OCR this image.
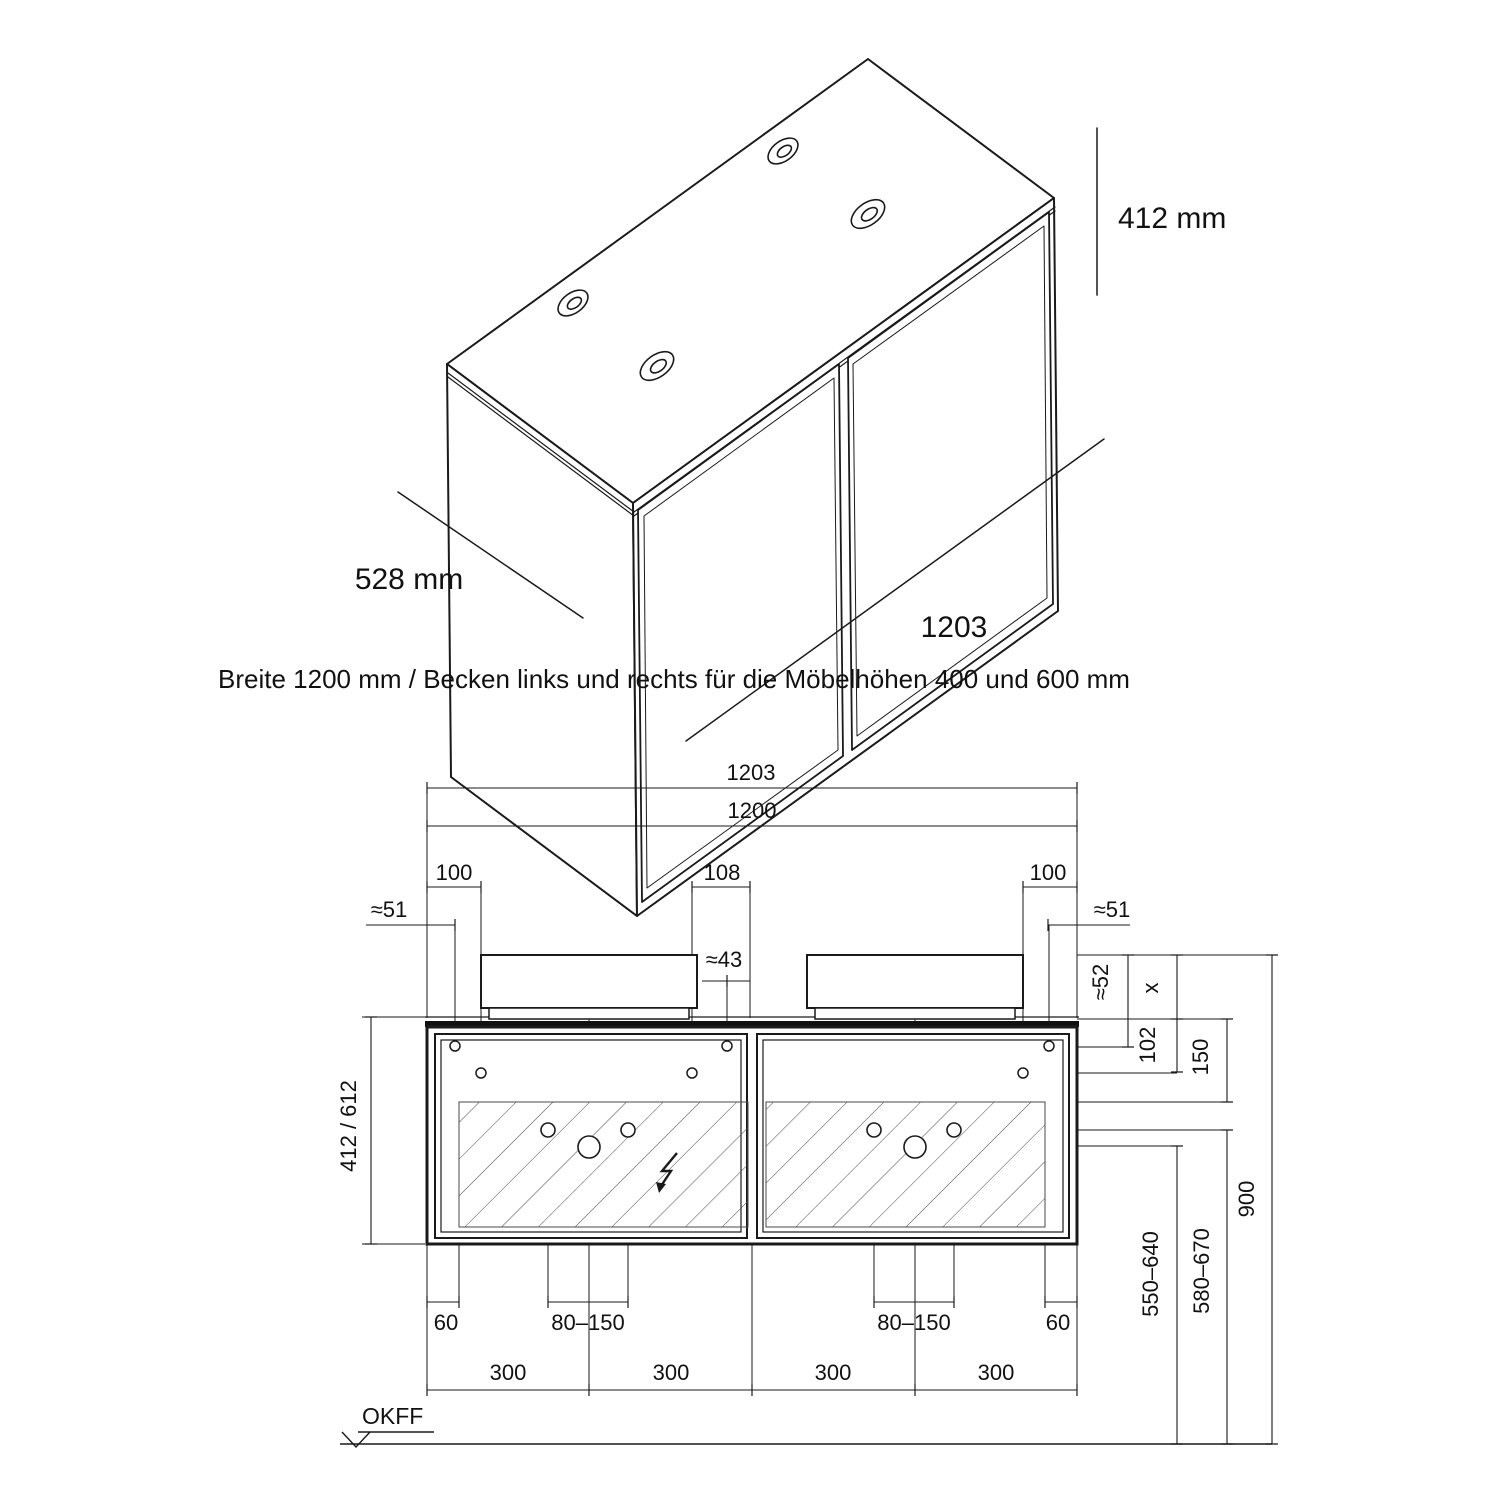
412 mm
528 mm
1203
Breite 1200 mm / Becken links und rechts für die Möbelhöhen 400 und 600 mm
OKFF
1203
1200
100	108	100
≈51	≈51
≈43
≈52 x
102 150
900
550–640 580–670
412 / 612
60	80–150	80–150	60
300	300	300	300
